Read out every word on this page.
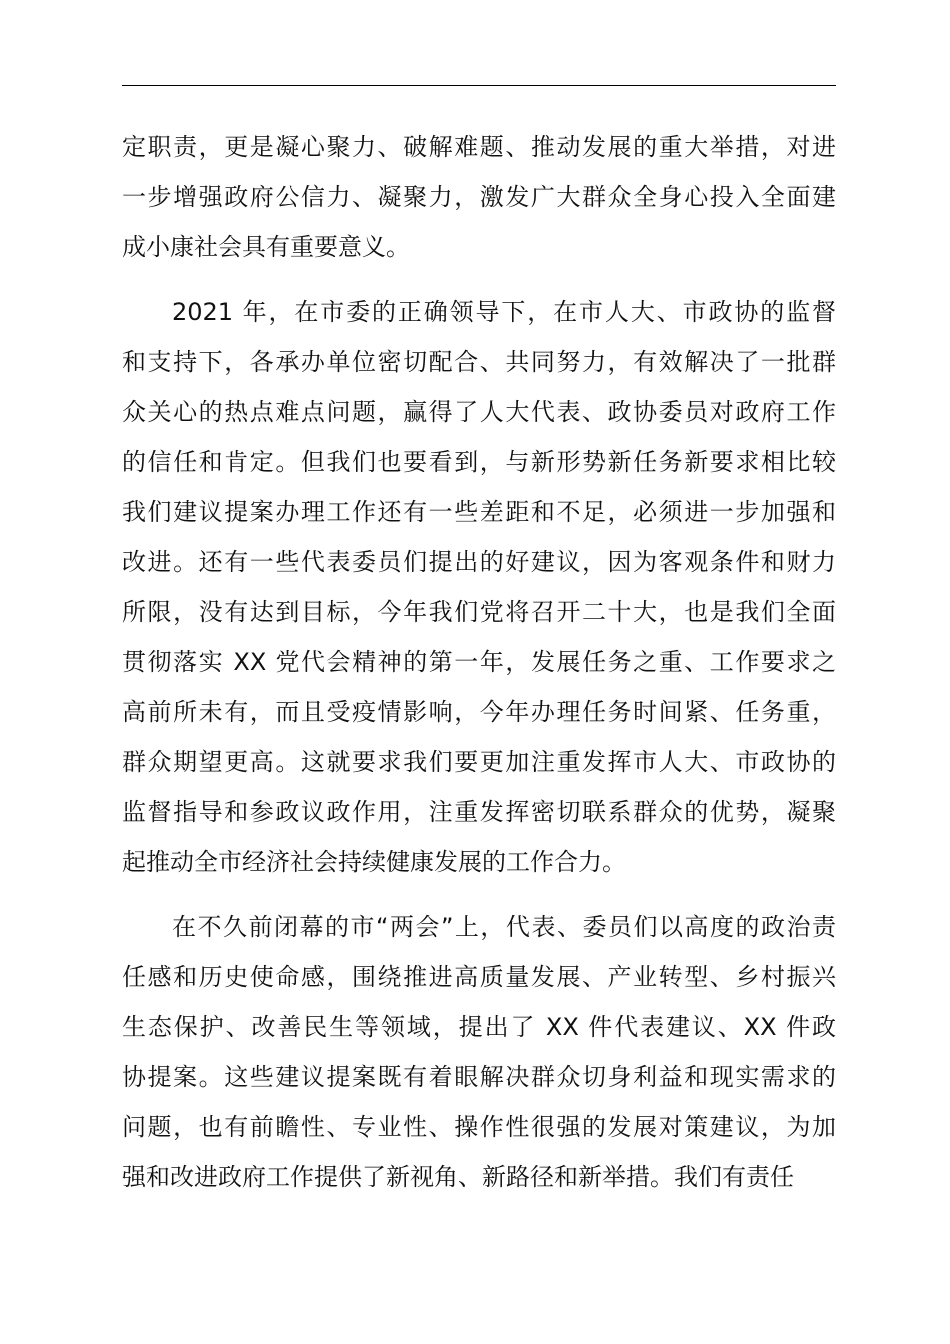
定职责，更是凝心聚力、破解难题、推动发展的重大举措，对进
一步增强政府公信力、凝聚力，激发广大群众全身心投入全面建
成小康社会具有重要意义。
2021 年，在市委的正确领导下，在市人大、市政协的监督
和支持下，各承办单位密切配合、共同努力，有效解决了一批群
众关心的热点难点问题，赢得了人大代表、政协委员对政府工作
的信任和肯定。但我们也要看到，与新形势新任务新要求相比较
我们建议提案办理工作还有一些差距和不足，必须进一步加强和
改进。还有一些代表委员们提出的好建议，因为客观条件和财力
所限，没有达到目标，今年我们党将召开二十大，也是我们全面
贯彻落实 XX 党代会精神的第一年，发展任务之重、工作要求之
高前所未有，而且受疫情影响，今年办理任务时间紧、任务重，
群众期望更高。这就要求我们要更加注重发挥市人大、市政协的
监督指导和参政议政作用，注重发挥密切联系群众的优势，凝聚
起推动全市经济社会持续健康发展的工作合力。
在不久前闭幕的市“两会”上，代表、委员们以高度的政治责
任感和历史使命感，围绕推进高质量发展、产业转型、乡村振兴
生态保护、改善民生等领域，提出了 XX 件代表建议、XX 件政
协提案。这些建议提案既有着眼解决群众切身利益和现实需求的
问题，也有前瞻性、专业性、操作性很强的发展对策建议，为加
强和改进政府工作提供了新视角、新路径和新举措。我们有责任
